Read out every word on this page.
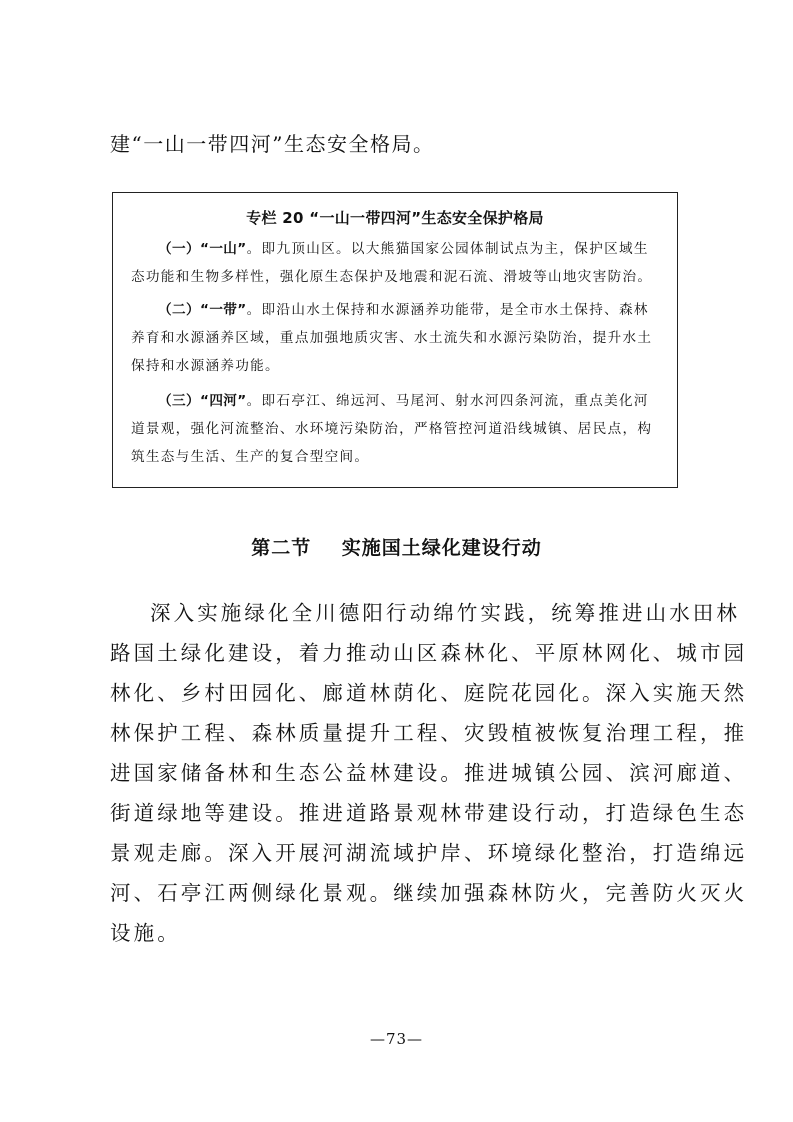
建“一山一带四河”生态安全格局。

专栏 20 “一山一带四河”生态安全保护格局

（一）“一山”。即九顶山区。以大熊猫国家公园体制试点为主，保护区域生

态功能和生物多样性，强化原生态保护及地震和泥石流、滑坡等山地灾害防治。

（二）“一带”。即沿山水土保持和水源涵养功能带，是全市水土保持、森林

养育和水源涵养区域，重点加强地质灾害、水土流失和水源污染防治，提升水土

保持和水源涵养功能。

（三）“四河”。即石亭江、绵远河、马尾河、射水河四条河流，重点美化河

道景观，强化河流整治、水环境污染防治，严格管控河道沿线城镇、居民点，构

筑生态与生活、生产的复合型空间。

第二节 实施国土绿化建设行动

深入实施绿化全川德阳行动绵竹实践，统筹推进山水田林

路国土绿化建设，着力推动山区森林化、平原林网化、城市园

林化、乡村田园化、廊道林荫化、庭院花园化。深入实施天然

林保护工程、森林质量提升工程、灾毁植被恢复治理工程，推

进国家储备林和生态公益林建设。推进城镇公园、滨河廊道、

街道绿地等建设。推进道路景观林带建设行动，打造绿色生态

景观走廊。深入开展河湖流域护岸、环境绿化整治，打造绵远

河、石亭江两侧绿化景观。继续加强森林防火，完善防火灭火

设施。

—73—
